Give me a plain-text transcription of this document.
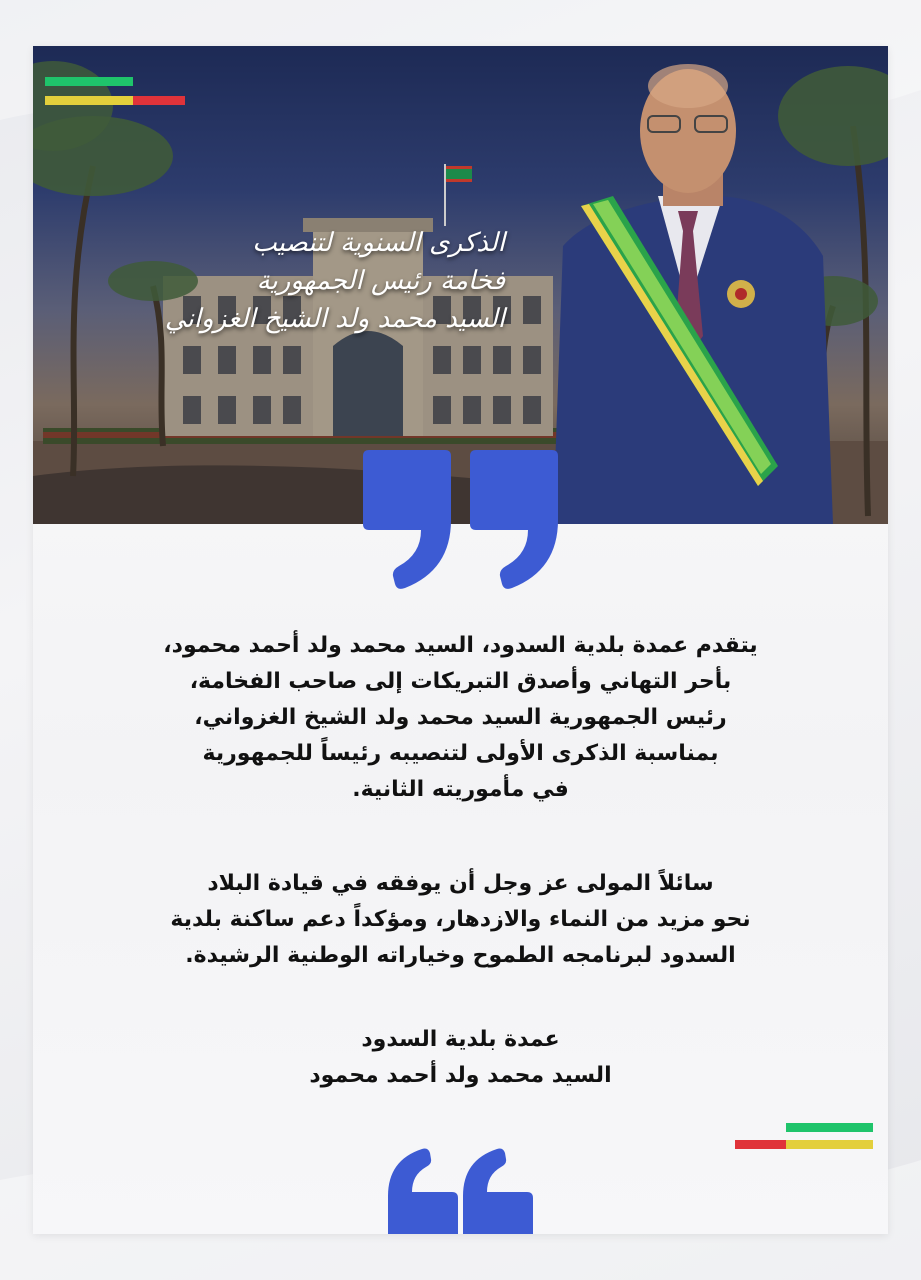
الذكرى السنوية لتنصيب
فخامة رئيس الجمهورية
السيد محمد ولد الشيخ الغزواني

يتقدم عمدة بلدية السدود، السيد محمد ولد أحمد محمود،

بأحر التهاني وأصدق التبريكات إلى صاحب الفخامة،

رئيس الجمهورية السيد محمد ولد الشيخ الغزواني،

بمناسبة الذكرى الأولى لتنصيبه رئيساً للجمهورية

في مأموريته الثانية.

سائلاً المولى عز وجل أن يوفقه في قيادة البلاد

نحو مزيد من النماء والازدهار، ومؤكداً دعم ساكنة بلدية

السدود لبرنامجه الطموح وخياراته الوطنية الرشيدة.

عمدة بلدية السدود

السيد محمد ولد أحمد محمود
